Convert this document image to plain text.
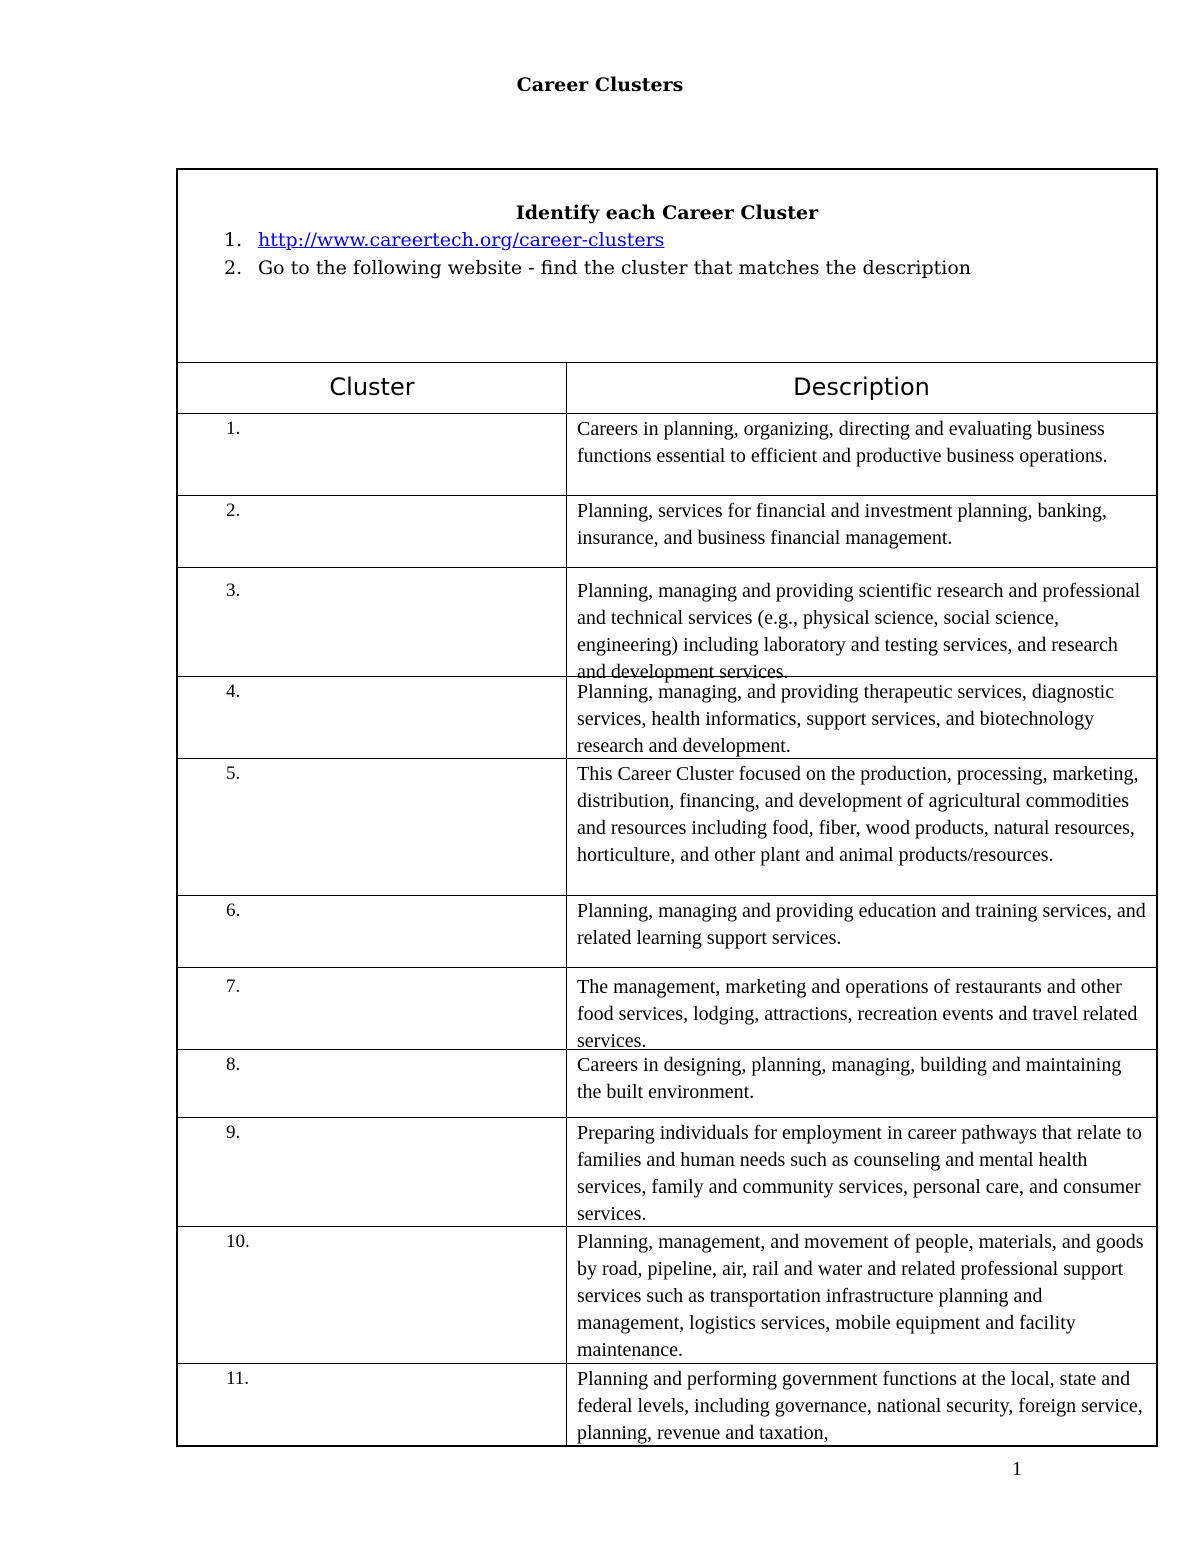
Career Clusters
Identify each Career Cluster
1. http://www.careertech.org/career-clusters
2. Go to the following website - find the cluster that matches the description
Cluster	Description
1.	Careers in planning, organizing, directing and evaluating business functions essential to efficient and productive business operations.
2.	Planning, services for financial and investment planning, banking, insurance, and business financial management.
3.	Planning, managing and providing scientific research and professional and technical services (e.g., physical science, social science, engineering) including laboratory and testing services, and research and development services.
4.	Planning, managing, and providing therapeutic services, diagnostic services, health informatics, support services, and biotechnology research and development.
5.	This Career Cluster focused on the production, processing, marketing, distribution, financing, and development of agricultural commodities and resources including food, fiber, wood products, natural resources, horticulture, and other plant and animal products/resources.
6.	Planning, managing and providing education and training services, and related learning support services.
7.	The management, marketing and operations of restaurants and other food services, lodging, attractions, recreation events and travel related services.
8.	Careers in designing, planning, managing, building and maintaining the built environment.
9.	Preparing individuals for employment in career pathways that relate to families and human needs such as counseling and mental health services, family and community services, personal care, and consumer services.
10.	Planning, management, and movement of people, materials, and goods by road, pipeline, air, rail and water and related professional support services such as transportation infrastructure planning and management, logistics services, mobile equipment and facility maintenance.
11.	Planning and performing government functions at the local, state and federal levels, including governance, national security, foreign service, planning, revenue and taxation,
1
